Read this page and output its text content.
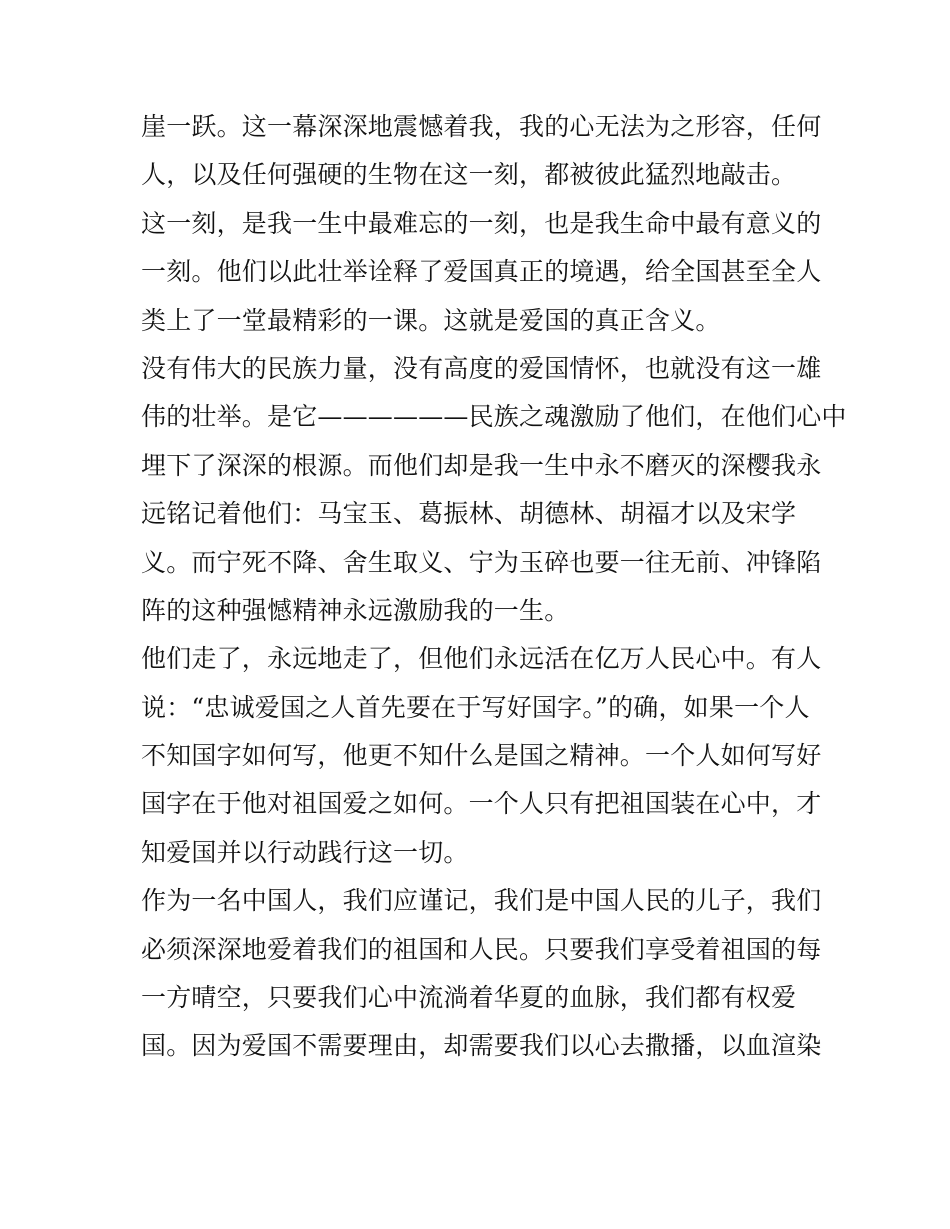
崖一跃。这一幕深深地震憾着我，我的心无法为之形容，任何
人，以及任何强硬的生物在这一刻，都被彼此猛烈地敲击。
这一刻，是我一生中最难忘的一刻，也是我生命中最有意义的
一刻。他们以此壮举诠释了爱国真正的境遇，给全国甚至全人
类上了一堂最精彩的一课。这就是爱国的真正含义。
没有伟大的民族力量，没有高度的爱国情怀，也就没有这一雄
伟的壮举。是它——————民族之魂激励了他们，在他们心中
埋下了深深的根源。而他们却是我一生中永不磨灭的深樱我永
远铭记着他们：马宝玉、葛振林、胡德林、胡福才以及宋学
义。而宁死不降、舍生取义、宁为玉碎也要一往无前、冲锋陷
阵的这种强憾精神永远激励我的一生。
他们走了，永远地走了，但他们永远活在亿万人民心中。有人
说：“忠诚爱国之人首先要在于写好国字。”的确，如果一个人
不知国字如何写，他更不知什么是国之精神。一个人如何写好
国字在于他对祖国爱之如何。一个人只有把祖国装在心中，才
知爱国并以行动践行这一切。
作为一名中国人，我们应谨记，我们是中国人民的儿子，我们
必须深深地爱着我们的祖国和人民。只要我们享受着祖国的每
一方晴空，只要我们心中流淌着华夏的血脉，我们都有权爱
国。因为爱国不需要理由，却需要我们以心去撒播，以血渲染
